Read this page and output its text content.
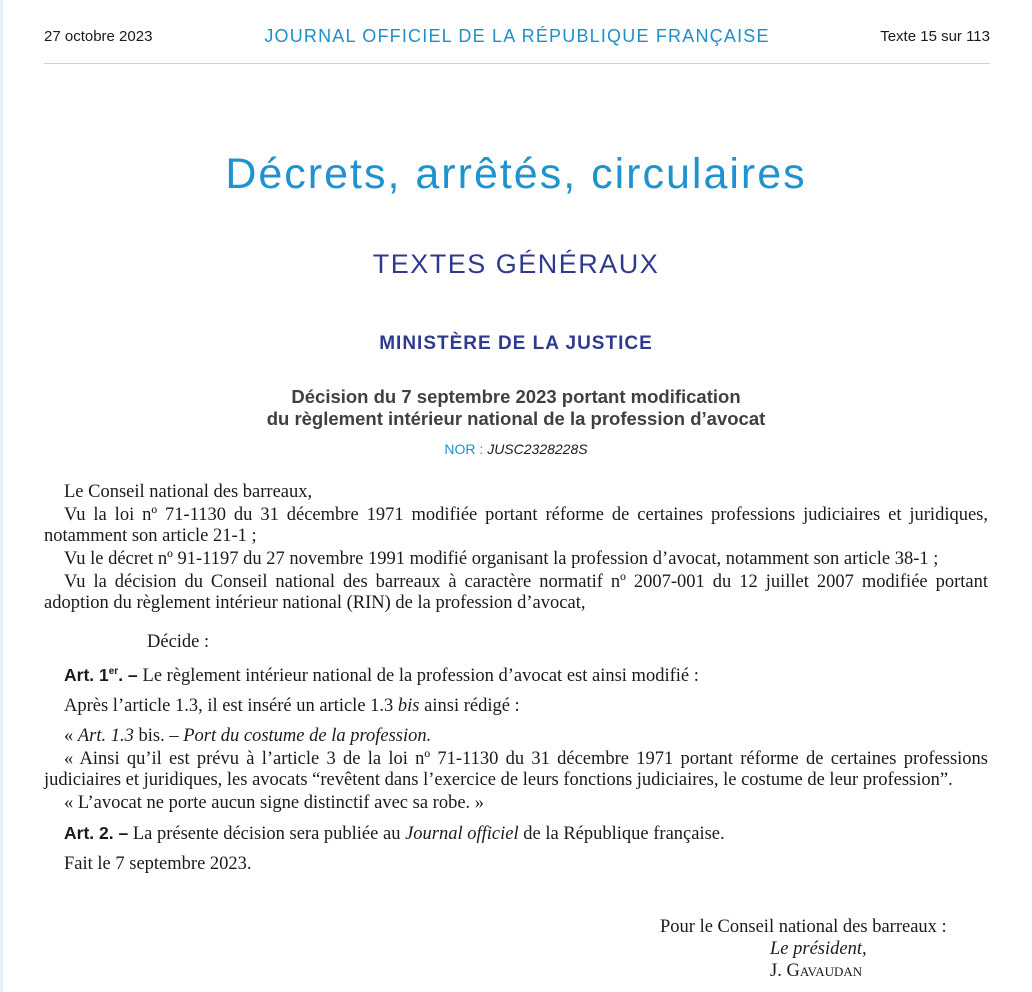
27 octobre 2023	JOURNAL OFFICIEL DE LA RÉPUBLIQUE FRANÇAISE	Texte 15 sur 113
Décrets, arrêtés, circulaires
TEXTES GÉNÉRAUX
MINISTÈRE DE LA JUSTICE
Décision du 7 septembre 2023 portant modification
du règlement intérieur national de la profession d’avocat
NOR : JUSC2328228S

Le Conseil national des barreaux,

Vu la loi nº 71-1130 du 31 décembre 1971 modifiée portant réforme de certaines professions judiciaires et juridiques, notamment son article 21-1 ;

Vu le décret nº 91-1197 du 27 novembre 1991 modifié organisant la profession d’avocat, notamment son article 38-1 ;

Vu la décision du Conseil national des barreaux à caractère normatif nº 2007-001 du 12 juillet 2007 modifiée portant adoption du règlement intérieur national (RIN) de la profession d’avocat,

Décide :

Art. 1er. – Le règlement intérieur national de la profession d’avocat est ainsi modifié :

Après l’article 1.3, il est inséré un article 1.3 bis ainsi rédigé :

« Art. 1.3 bis. – Port du costume de la profession.

« Ainsi qu’il est prévu à l’article 3 de la loi nº 71-1130 du 31 décembre 1971 portant réforme de certaines professions judiciaires et juridiques, les avocats “revêtent dans l’exercice de leurs fonctions judiciaires, le costume de leur profession”.

« L’avocat ne porte aucun signe distinctif avec sa robe. »

Art. 2. – La présente décision sera publiée au Journal officiel de la République française.

Fait le 7 septembre 2023.

Pour le Conseil national des barreaux :
Le président,
J. Gavaudan
